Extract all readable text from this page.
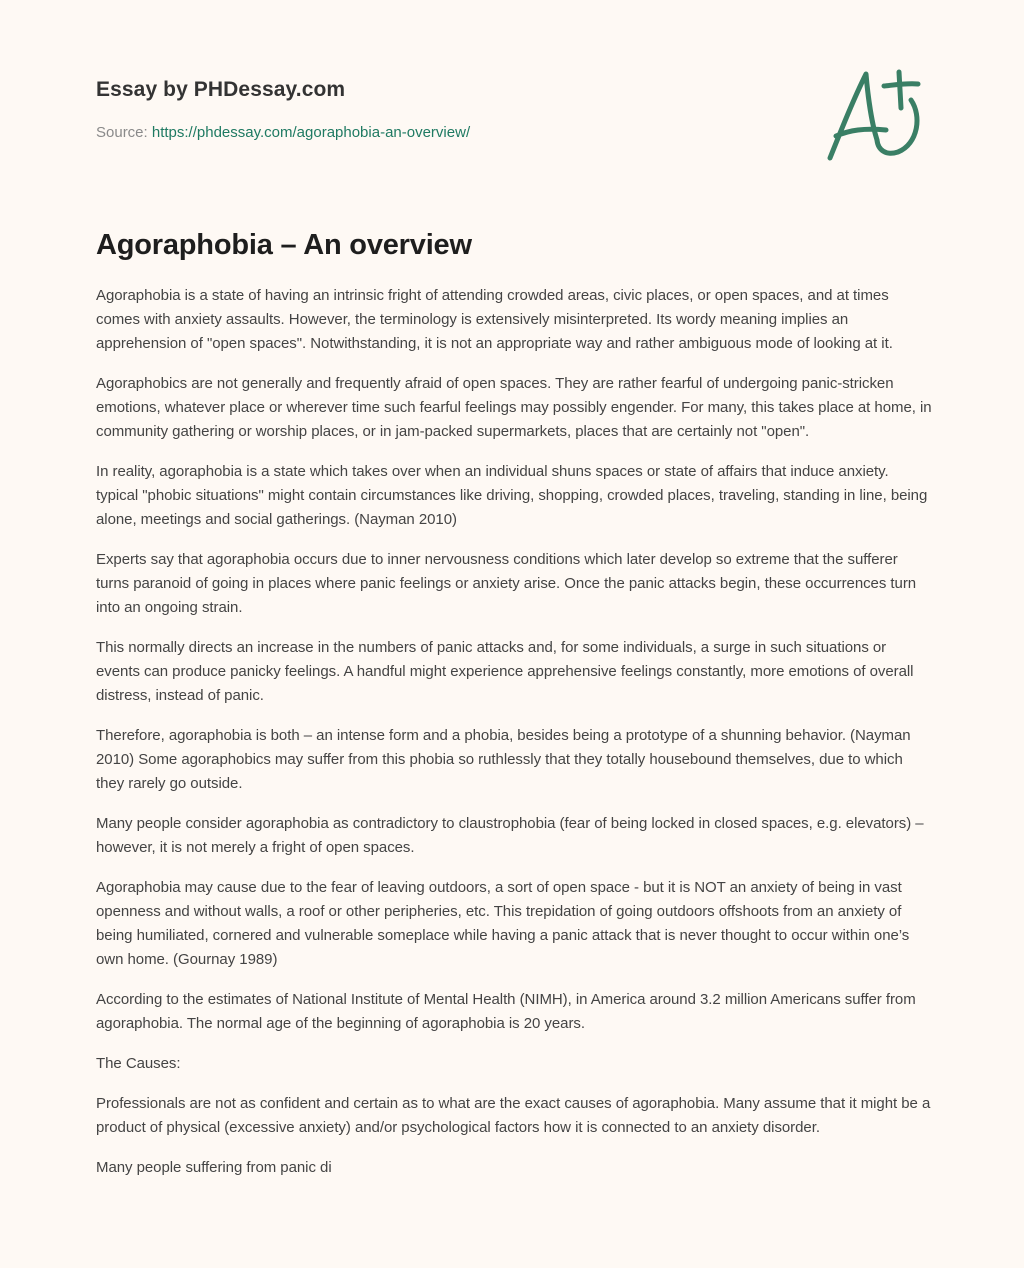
Essay by PHDessay.com
Source: https://phdessay.com/agoraphobia-an-overview/
Agoraphobia – An overview

Agoraphobia is a state of having an intrinsic fright of attending crowded areas, civic places, or open spaces, and at times comes with anxiety assaults. However, the terminology is extensively misinterpreted. Its wordy meaning implies an apprehension of "open spaces". Notwithstanding, it is not an appropriate way and rather ambiguous mode of looking at it.

Agoraphobics are not generally and frequently afraid of open spaces. They are rather fearful of undergoing panic-stricken emotions, whatever place or wherever time such fearful feelings may possibly engender. For many, this takes place at home, in community gathering or worship places, or in jam-packed supermarkets, places that are certainly not "open".

In reality, agoraphobia is a state which takes over when an individual shuns spaces or state of affairs that induce anxiety. typical "phobic situations" might contain circumstances like driving, shopping, crowded places, traveling, standing in line, being alone, meetings and social gatherings. (Nayman 2010)

Experts say that agoraphobia occurs due to inner nervousness conditions which later develop so extreme that the sufferer turns paranoid of going in places where panic feelings or anxiety arise. Once the panic attacks begin, these occurrences turn into an ongoing strain.

This normally directs an increase in the numbers of panic attacks and, for some individuals, a surge in such situations or events can produce panicky feelings. A handful might experience apprehensive feelings constantly, more emotions of overall distress, instead of panic.

Therefore, agoraphobia is both – an intense form and a phobia, besides being a prototype of a shunning behavior. (Nayman 2010) Some agoraphobics may suffer from this phobia so ruthlessly that they totally housebound themselves, due to which they rarely go outside.

Many people consider agoraphobia as contradictory to claustrophobia (fear of being locked in closed spaces, e.g. elevators) – however, it is not merely a fright of open spaces.

Agoraphobia may cause due to the fear of leaving outdoors, a sort of open space - but it is NOT an anxiety of being in vast openness and without walls, a roof or other peripheries, etc. This trepidation of going outdoors offshoots from an anxiety of being humiliated, cornered and vulnerable someplace while having a panic attack that is never thought to occur within one’s own home. (Gournay 1989)

According to the estimates of National Institute of Mental Health (NIMH), in America around 3.2 million Americans suffer from agoraphobia. The normal age of the beginning of agoraphobia is 20 years.

The Causes:

Professionals are not as confident and certain as to what are the exact causes of agoraphobia. Many assume that it might be a product of physical (excessive anxiety) and/or psychological factors how it is connected to an anxiety disorder.

Many people suffering from panic di
